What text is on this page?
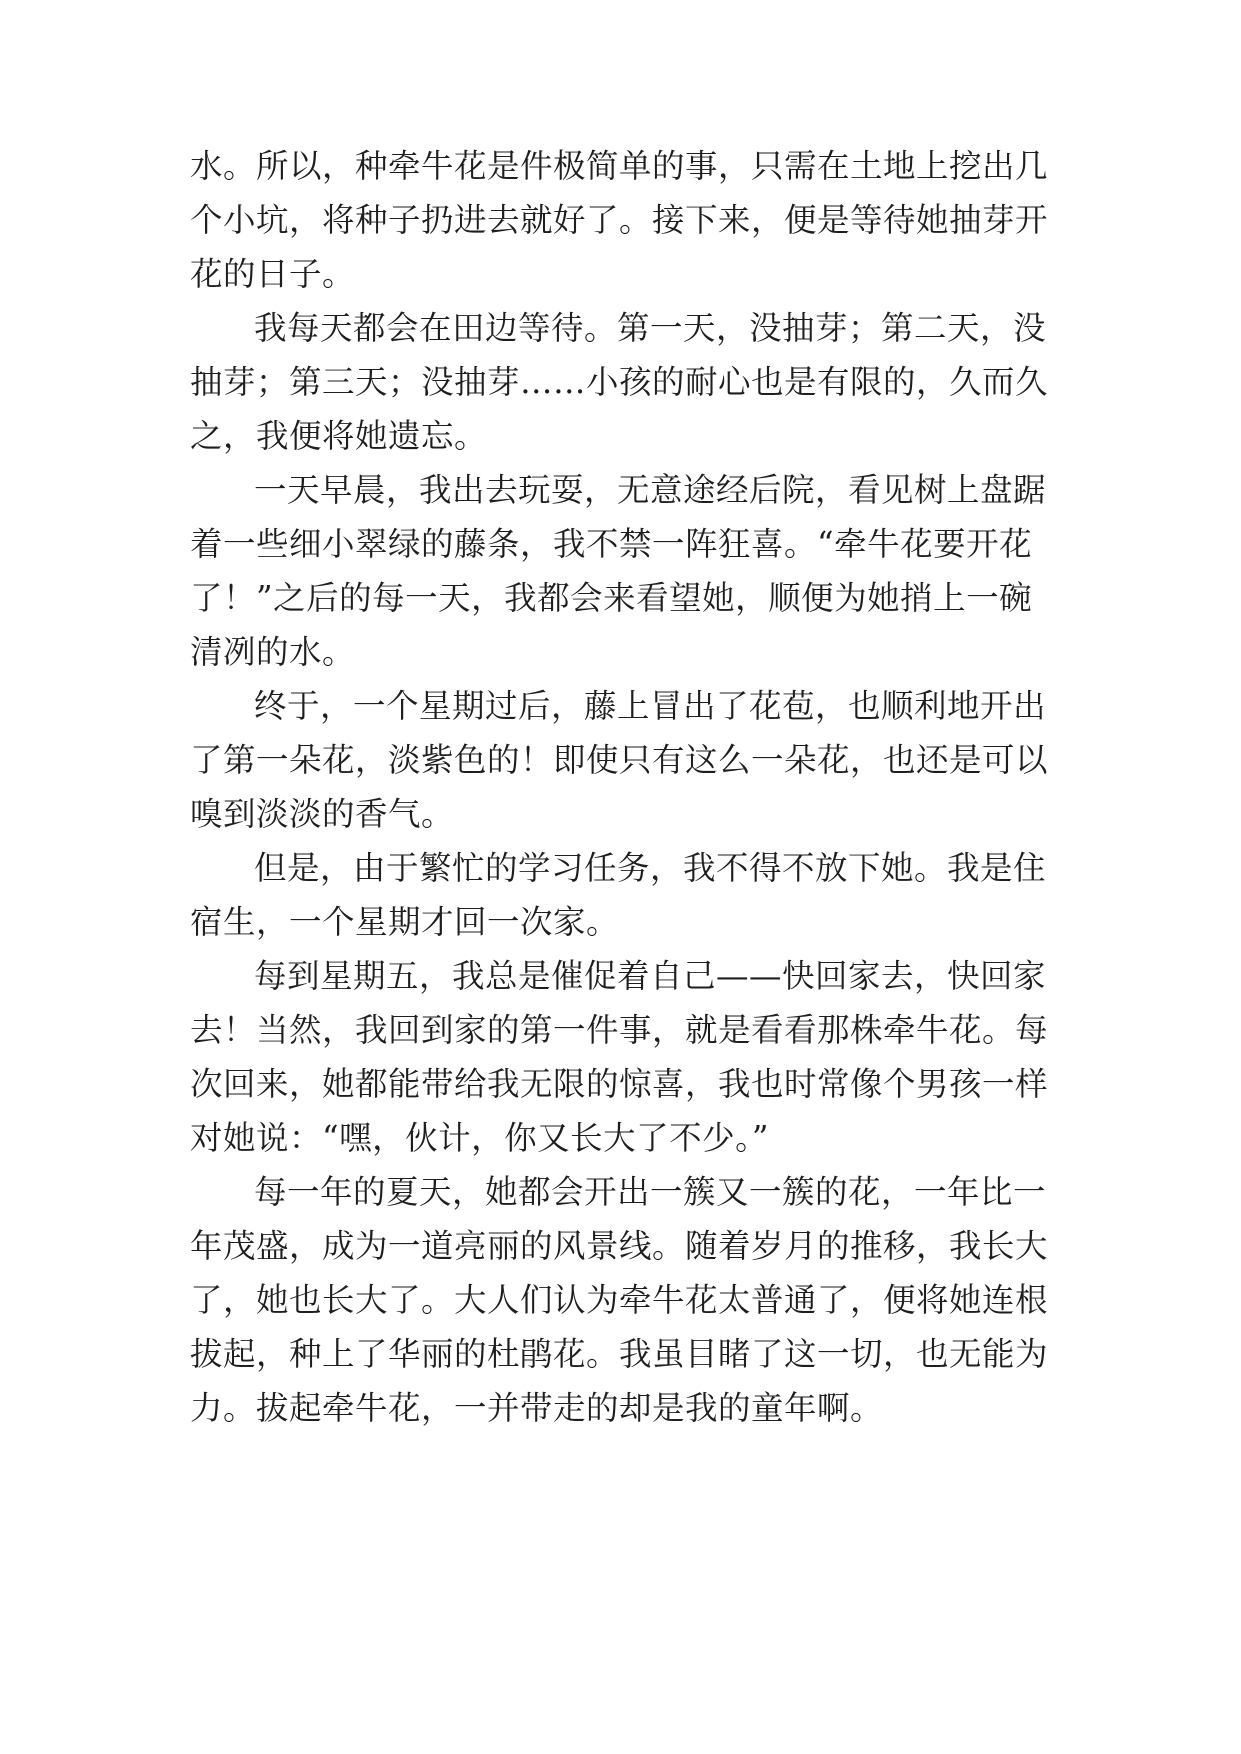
水。所以，种牵牛花是件极简单的事，只需在土地上挖出几
个小坑，将种子扔进去就好了。接下来，便是等待她抽芽开
花的日子。
我每天都会在田边等待。第一天，没抽芽；第二天，没
抽芽；第三天；没抽芽……小孩的耐心也是有限的，久而久
之，我便将她遗忘。
一天早晨，我出去玩耍，无意途经后院，看见树上盘踞
着一些细小翠绿的藤条，我不禁一阵狂喜。“牵牛花要开花
了！”之后的每一天，我都会来看望她，顺便为她捎上一碗
清冽的水。
终于，一个星期过后，藤上冒出了花苞，也顺利地开出
了第一朵花，淡紫色的！即使只有这么一朵花，也还是可以
嗅到淡淡的香气。
但是，由于繁忙的学习任务，我不得不放下她。我是住
宿生，一个星期才回一次家。
每到星期五，我总是催促着自己——快回家去，快回家
去！当然，我回到家的第一件事，就是看看那株牵牛花。每
次回来，她都能带给我无限的惊喜，我也时常像个男孩一样
对她说：“嘿，伙计，你又长大了不少。”
每一年的夏天，她都会开出一簇又一簇的花，一年比一
年茂盛，成为一道亮丽的风景线。随着岁月的推移，我长大
了，她也长大了。大人们认为牵牛花太普通了，便将她连根
拔起，种上了华丽的杜鹃花。我虽目睹了这一切，也无能为
力。拔起牵牛花，一并带走的却是我的童年啊。
